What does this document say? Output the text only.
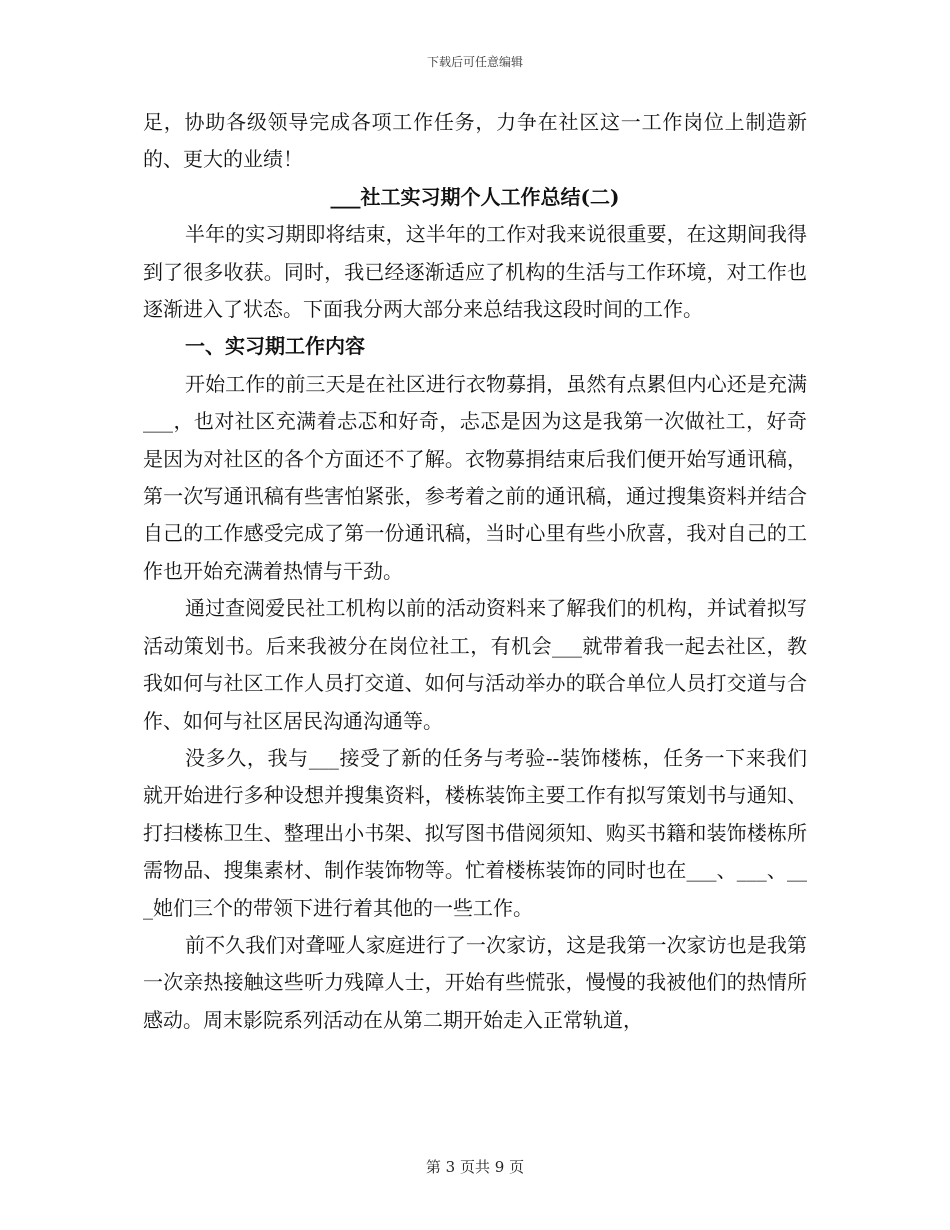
下载后可任意编辑

足，协助各级领导完成各项工作任务，力争在社区这一工作岗位上制造新的、更大的业绩！

___社工实习期个人工作总结(二)

半年的实习期即将结束，这半年的工作对我来说很重要，在这期间我得到了很多收获。同时，我已经逐渐适应了机构的生活与工作环境，对工作也逐渐进入了状态。下面我分两大部分来总结我这段时间的工作。

一、实习期工作内容

开始工作的前三天是在社区进行衣物募捐，虽然有点累但内心还是充满___，也对社区充满着忐忑和好奇，忐忑是因为这是我第一次做社工，好奇是因为对社区的各个方面还不了解。衣物募捐结束后我们便开始写通讯稿，第一次写通讯稿有些害怕紧张，参考着之前的通讯稿，通过搜集资料并结合自己的工作感受完成了第一份通讯稿，当时心里有些小欣喜，我对自己的工作也开始充满着热情与干劲。

通过查阅爱民社工机构以前的活动资料来了解我们的机构，并试着拟写活动策划书。后来我被分在岗位社工，有机会___就带着我一起去社区，教我如何与社区工作人员打交道、如何与活动举办的联合单位人员打交道与合作、如何与社区居民沟通沟通等。

没多久，我与___接受了新的任务与考验--装饰楼栋，任务一下来我们就开始进行多种设想并搜集资料，楼栋装饰主要工作有拟写策划书与通知、打扫楼栋卫生、整理出小书架、拟写图书借阅须知、购买书籍和装饰楼栋所需物品、搜集素材、制作装饰物等。忙着楼栋装饰的同时也在___、___、___她们三个的带领下进行着其他的一些工作。

前不久我们对聋哑人家庭进行了一次家访，这是我第一次家访也是我第一次亲热接触这些听力残障人士，开始有些慌张，慢慢的我被他们的热情所感动。周末影院系列活动在从第二期开始走入正常轨道，

第 3 页共 9 页
